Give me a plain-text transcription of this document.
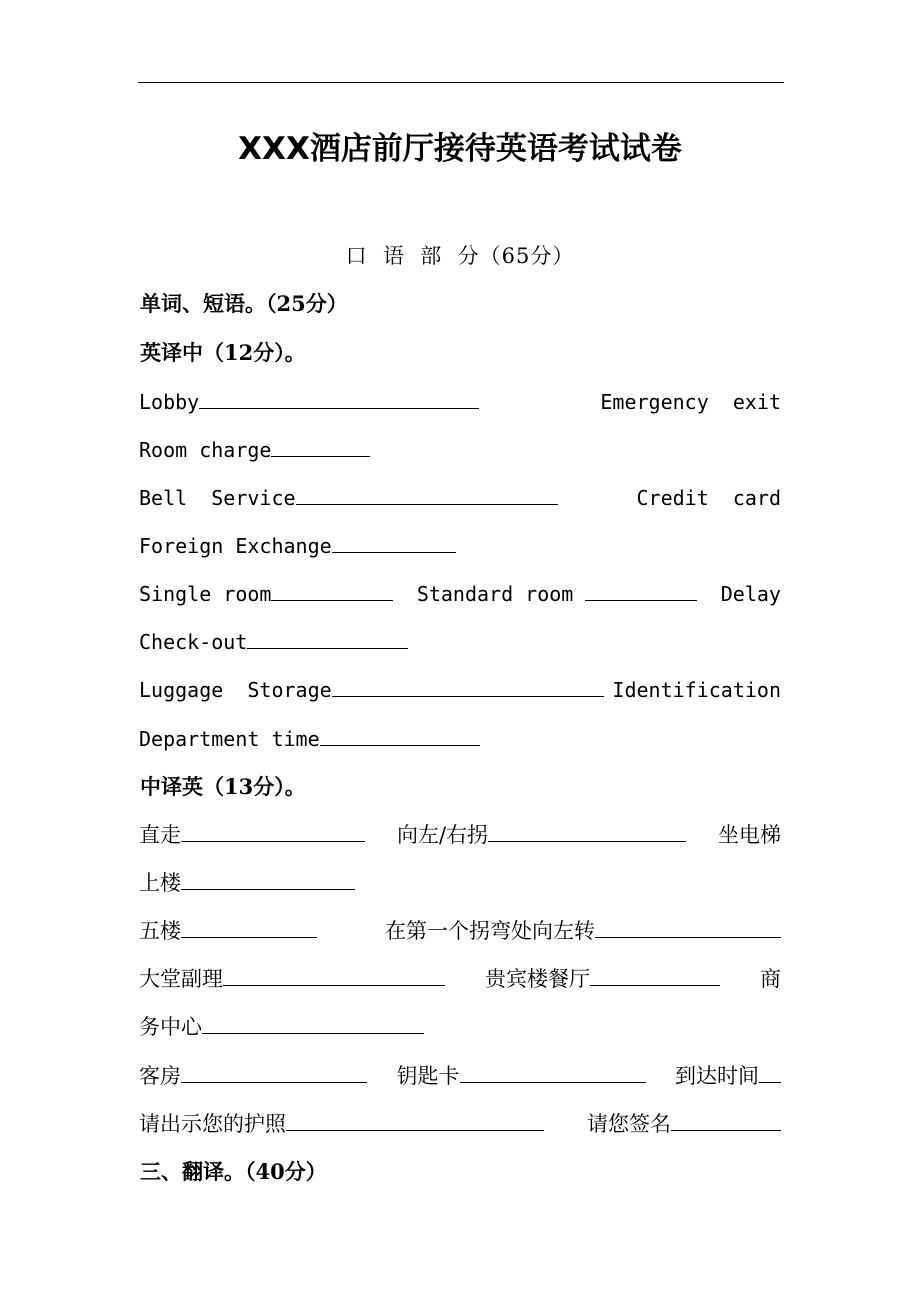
XXX酒店前厅接待英语考试试卷
口  语  部  分（65分）
单词、短语。（25分）
英译中（12分）。
Lobby	Emergency  exit
Room charge
Bell  Service	Credit  card
Foreign Exchange
Single room	Standard room
	Delay
Check-out
Luggage  Storage	Identification
Department time
中译英（13分）。
直走	向左/右拐	坐电梯
上楼
五楼	在第一个拐弯处向左转
大堂副理	贵宾楼餐厅	商
务中心
客房	钥匙卡	到达时间
请出示您的护照	请您签名
三、翻译。（40分）
